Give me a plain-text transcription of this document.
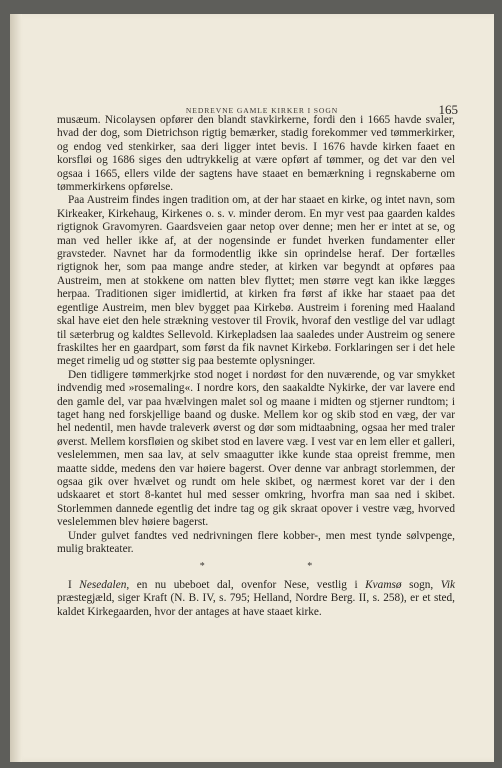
NEDREVNE GAMLE KIRKER I SOGN	165

musæum. Nicolaysen opfører den blandt stavkirkerne, fordi den i 1665 havde svaler, hvad der dog, som Dietrichson rigtig bemærker, stadig forekommer ved tømmerkirker, og endog ved stenkirker, saa deri ligger intet bevis. I 1676 havde kirken faaet en korsfløi og 1686 siges den udtrykkelig at være opført af tømmer, og det var den vel ogsaa i 1665, ellers vilde der sagtens have staaet en bemærkning i regnskaberne om tømmerkirkens opførelse.

Paa Austreim findes ingen tradition om, at der har staaet en kirke, og intet navn, som Kirkeaker, Kirkehaug, Kirkenes o. s. v. minder derom. En myr vest paa gaarden kaldes rigtignok Gravomyren. Gaardsveien gaar netop over denne; men her er intet at se, og man ved heller ikke af, at der nogensinde er fundet hverken fundamenter eller gravsteder. Navnet har da formodentlig ikke sin oprindelse heraf. Der fortælles rigtignok her, som paa mange andre steder, at kirken var begyndt at opføres paa Austreim, men at stokkene om natten blev flyttet; men større vegt kan ikke lægges herpaa. Traditionen siger imidlertid, at kirken fra først af ikke har staaet paa det egentlige Austreim, men blev bygget paa Kirkebø. Austreim i forening med Haaland skal have eiet den hele strækning vestover til Frovik, hvoraf den vestlige del var udlagt til sæterbrug og kaldtes Sellevold. Kirkepladsen laa saaledes under Austreim og senere fraskiltes her en gaardpart, som først da fik navnet Kirkebø. Forklaringen ser i det hele meget rimelig ud og støtter sig paa bestemte oplysninger.

Den tidligere tømmerkjrke stod noget i nordøst for den nuværende, og var smykket indvendig med »rosemaling«. I nordre kors, den saakaldte Nykirke, der var lavere end den gamle del, var paa hvælvingen malet sol og maane i midten og stjerner rundtom; i taget hang ned forskjellige baand og duske. Mellem kor og skib stod en væg, der var hel nedentil, men havde traleverk øverst og dør som midtaabning, ogsaa her med traler øverst. Mellem korsfløien og skibet stod en lavere væg. I vest var en lem eller et galleri, veslelemmen, men saa lav, at selv smaagutter ikke kunde staa opreist fremme, men maatte sidde, medens den var høiere bagerst. Over denne var anbragt storlemmen, der ogsaa gik over hvælvet og rundt om hele skibet, og nærmest koret var der i den udskaaret et stort 8-kantet hul med sesser omkring, hvorfra man saa ned i skibet. Storlemmen dannede egentlig det indre tag og gik skraat opover i vestre væg, hvorved veslelemmen blev høiere bagerst.

Under gulvet fandtes ved nedrivningen flere kobber-, men mest tynde sølvpenge, mulig brakteater.

* *

I Nesedalen, en nu ubeboet dal, ovenfor Nese, vestlig i Kvamsø sogn, Vik præstegjæld, siger Kraft (N. B. IV, s. 795; Helland, Nordre Berg. II, s. 258), er et sted, kaldet Kirkegaarden, hvor der antages at have staaet kirke.
